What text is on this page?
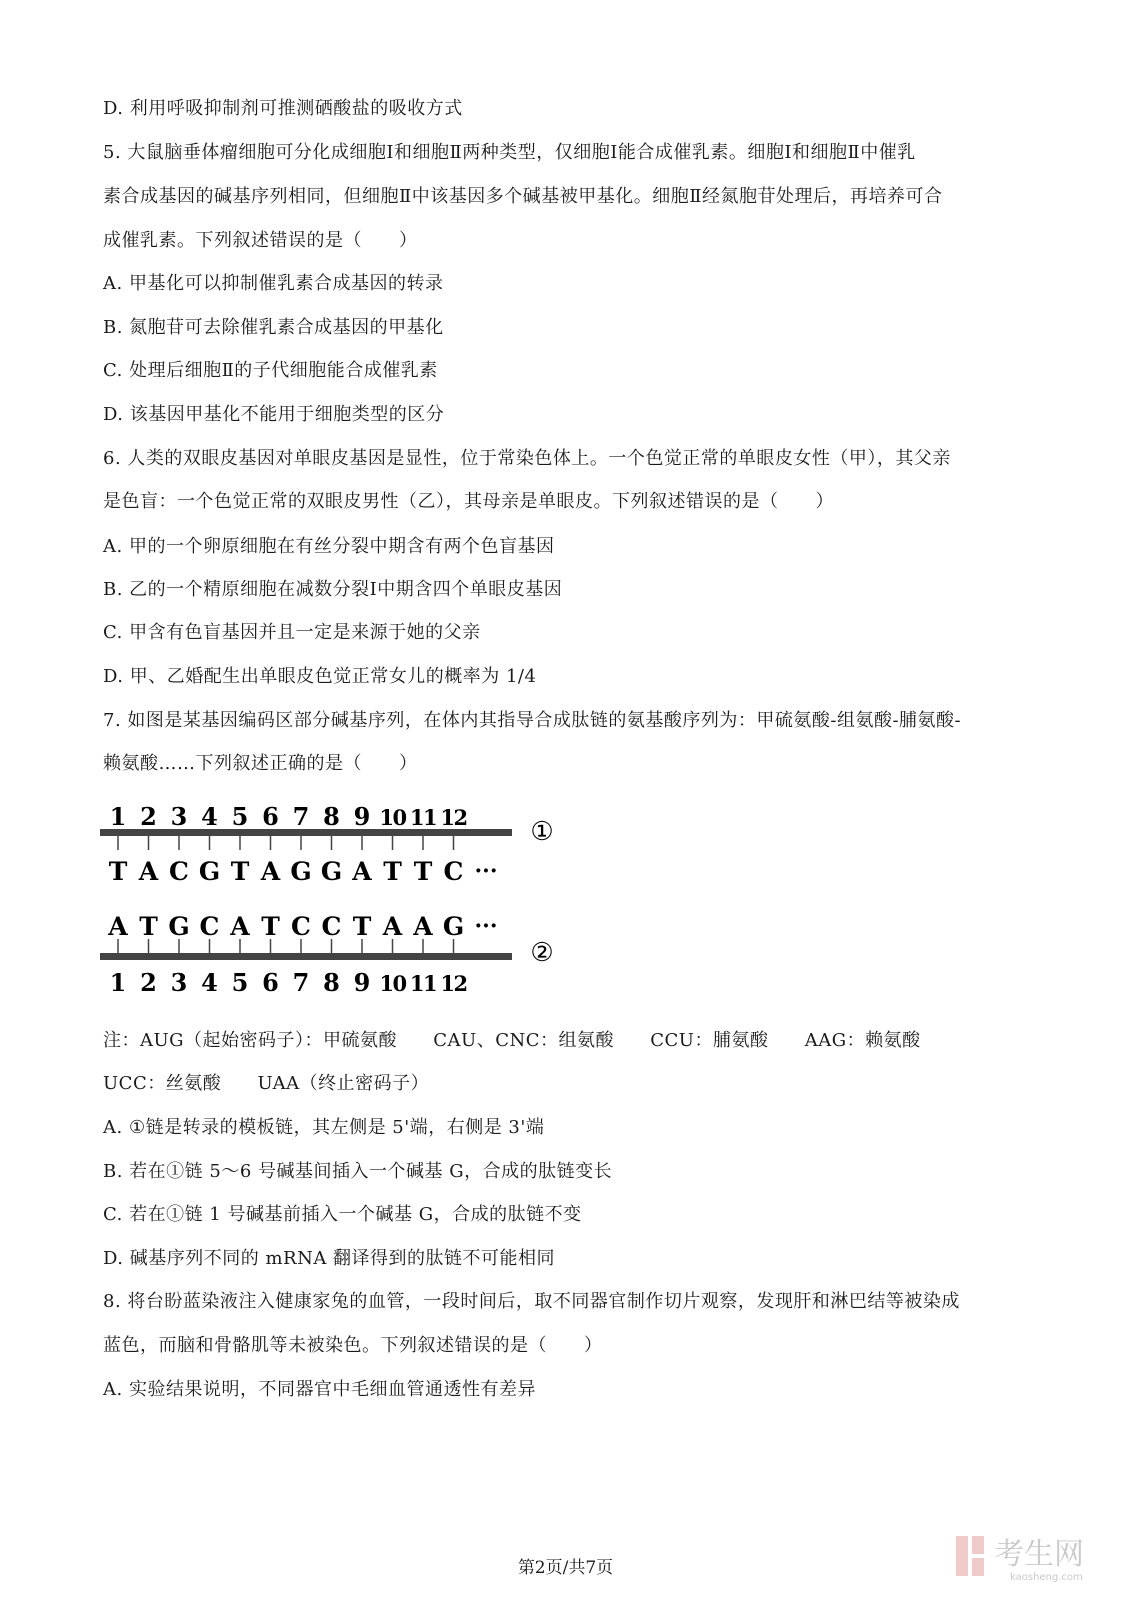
D. 利用呼吸抑制剂可推测硒酸盐的吸收方式
5. 大鼠脑垂体瘤细胞可分化成细胞Ⅰ和细胞Ⅱ两种类型，仅细胞Ⅰ能合成催乳素。细胞Ⅰ和细胞Ⅱ中催乳
素合成基因的碱基序列相同，但细胞Ⅱ中该基因多个碱基被甲基化。细胞Ⅱ经氮胞苷处理后，再培养可合
成催乳素。下列叙述错误的是（　　）
A. 甲基化可以抑制催乳素合成基因的转录
B. 氮胞苷可去除催乳素合成基因的甲基化
C. 处理后细胞Ⅱ的子代细胞能合成催乳素
D. 该基因甲基化不能用于细胞类型的区分
6. 人类的双眼皮基因对单眼皮基因是显性，位于常染色体上。一个色觉正常的单眼皮女性（甲），其父亲
是色盲：一个色觉正常的双眼皮男性（乙），其母亲是单眼皮。下列叙述错误的是（　　）
A. 甲的一个卵原细胞在有丝分裂中期含有两个色盲基因
B. 乙的一个精原细胞在减数分裂Ⅰ中期含四个单眼皮基因
C. 甲含有色盲基因并且一定是来源于她的父亲
D. 甲、乙婚配生出单眼皮色觉正常女儿的概率为 1/4
7. 如图是某基因编码区部分碱基序列，在体内其指导合成肽链的氨基酸序列为：甲硫氨酸-组氨酸-脯氨酸-
赖氨酸……下列叙述正确的是（　　）
①
②
1
1
T
A
2
2
A
T
3
3
C
G
4
4
G
C
5
5
T
A
6
6
A
T
7
7
G
C
8
8
G
C
9
9
A
T
10
10
T
A
11
11
T
A
12
12
C
G
···
···
注：AUG（起始密码子）：甲硫氨酸 CAU、CNC：组氨酸 CCU：脯氨酸 AAG：赖氨酸
UCC：丝氨酸 UAA（终止密码子）
A. ①链是转录的模板链，其左侧是 5'端，右侧是 3'端
B. 若在①链 5～6 号碱基间插入一个碱基 G，合成的肽链变长
C. 若在①链 1 号碱基前插入一个碱基 G，合成的肽链不变
D. 碱基序列不同的 mRNA 翻译得到的肽链不可能相同
8. 将台盼蓝染液注入健康家兔的血管，一段时间后，取不同器官制作切片观察，发现肝和淋巴结等被染成
蓝色，而脑和骨骼肌等未被染色。下列叙述错误的是（　　）
A. 实验结果说明，不同器官中毛细血管通透性有差异
第2页/共7页	考生网
kaosheng.com
